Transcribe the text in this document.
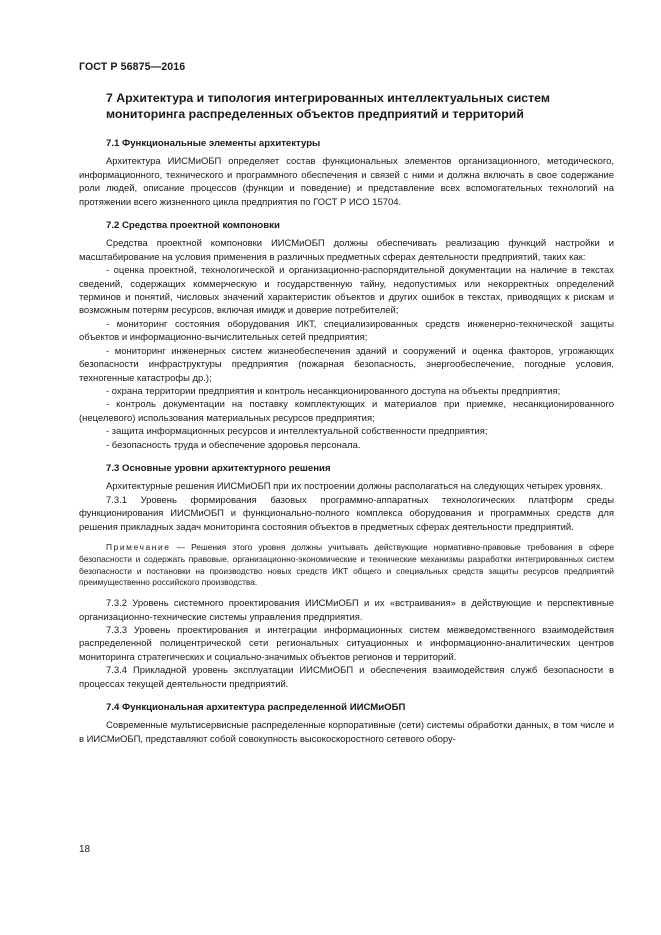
ГОСТ Р 56875—2016
7 Архитектура и типология интегрированных интеллектуальных систем мониторинга распределенных объектов предприятий и территорий
7.1 Функциональные элементы архитектуры

Архитектура ИИСМиОБП определяет состав функциональных элементов организационного, методического, информационного, технического и программного обеспечения и связей с ними и должна включать в свое содержание роли людей, описание процессов (функции и поведение) и представление всех вспомогательных технологий на протяжении всего жизненного цикла предприятия по ГОСТ Р ИСО 15704.

7.2 Средства проектной компоновки

Средства проектной компоновки ИИСМиОБП должны обеспечивать реализацию функций настройки и масштабирование на условия применения в различных предметных сферах деятельности предприятий, таких как:

- оценка проектной, технологической и организационно-распорядительной документации на наличие в текстах сведений, содержащих коммерческую и государственную тайну, недопустимых или некорректных определений терминов и понятий, числовых значений характеристик объектов и других ошибок в текстах, приводящих к рискам и возможным потерям ресурсов, включая имидж и доверие потребителей;

- мониторинг состояния оборудования ИКТ, специализированных средств инженерно-технической защиты объектов и информационно-вычислительных сетей предприятия;

- мониторинг инженерных систем жизнеобеспечения зданий и сооружений и оценка факторов, угрожающих безопасности инфраструктуры предприятия (пожарная безопасность, энергообеспечение, погодные условия, техногенные катастрофы др.);

- охрана территории предприятия и контроль несанкционированного доступа на объекты предприятия;

- контроль документации на поставку комплектующих и материалов при приемке, несанкционированного (нецелевого) использования материальных ресурсов предприятия;

- защита информационных ресурсов и интеллектуальной собственности предприятия;

- безопасность труда и обеспечение здоровья персонала.

7.3 Основные уровни архитектурного решения

Архитектурные решения ИИСМиОБП при их построении должны располагаться на следующих четырех уровнях.

7.3.1 Уровень формирования базовых программно-аппаратных технологических платформ среды функционирования ИИСМиОБП и функционально-полного комплекса оборудования и программных средств для решения прикладных задач мониторинга состояния объектов в предметных сферах деятельности предприятий.

Примечание — Решения этого уровня должны учитывать действующие нормативно-правовые требования в сфере безопасности и содержать правовые, организационно-экономические и технические механизмы разработки интегрированных систем безопасности и постановки на производство новых средств ИКТ общего и специальных средств защиты ресурсов предприятий преимущественно российского производства.

7.3.2 Уровень системного проектирования ИИСМиОБП и их «встраивания» в действующие и перспективные организационно-технические системы управления предприятия.

7.3.3 Уровень проектирования и интеграции информационных систем межведомственного взаимодействия распределенной полицентрической сети региональных ситуационных и информационно-аналитических центров мониторинга стратегических и социально-значимых объектов регионов и территорий.

7.3.4 Прикладной уровень эксплуатации ИИСМиОБП и обеспечения взаимодействия служб безопасности в процессах текущей деятельности предприятий.

7.4 Функциональная архитектура распределенной ИИСМиОБП

Современные мультисервисные распределенные корпоративные (сети) системы обработки данных, в том числе и в ИИСМиОБП, представляют собой совокупность высокоскоростного сетевого обору-

18
